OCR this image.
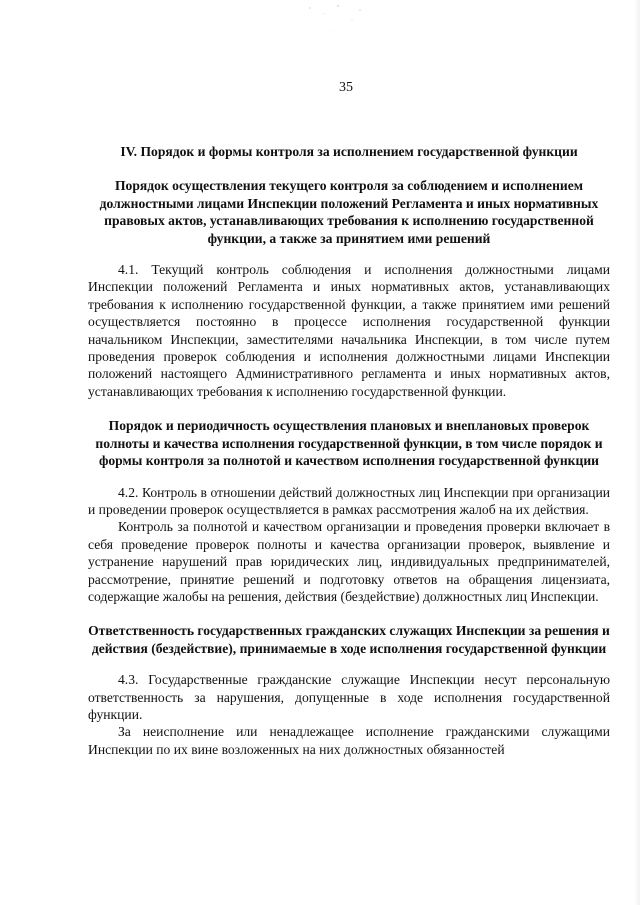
35

IV. Порядок и формы контроля за исполнением государственной функции

Порядок осуществления текущего контроля за соблюдением и исполнением должностными лицами Инспекции положений Регламента и иных нормативных правовых актов, устанавливающих требования к исполнению государственной функции, а также за принятием ими решений

4.1. Текущий контроль соблюдения и исполнения должностными лицами Инспекции положений Регламента и иных нормативных актов, устанавливающих требования к исполнению государственной функции, а также принятием ими решений осуществляется постоянно в процессе исполнения государственной функции начальником Инспекции, заместителями начальника Инспекции, в том числе путем проведения проверок соблюдения и исполнения должностными лицами Инспекции положений настоящего Административного регламента и иных нормативных актов, устанавливающих требования к исполнению государственной функции.

Порядок и периодичность осуществления плановых и внеплановых проверок полноты и качества исполнения государственной функции, в том числе порядок и формы контроля за полнотой и качеством исполнения государственной функции

4.2. Контроль в отношении действий должностных лиц Инспекции при организации и проведении проверок осуществляется в рамках рассмотрения жалоб на их действия.

Контроль за полнотой и качеством организации и проведения проверки включает в себя проведение проверок полноты и качества организации проверок, выявление и устранение нарушений прав юридических лиц, индивидуальных предпринимателей, рассмотрение, принятие решений и подготовку ответов на обращения лицензиата, содержащие жалобы на решения, действия (бездействие) должностных лиц Инспекции.

Ответственность государственных гражданских служащих Инспекции за решения и действия (бездействие), принимаемые в ходе исполнения государственной функции

4.3. Государственные гражданские служащие Инспекции несут персональную ответственность за нарушения, допущенные в ходе исполнения государственной функции.

За неисполнение или ненадлежащее исполнение гражданскими служащими Инспекции по их вине возложенных на них должностных обязанностей
